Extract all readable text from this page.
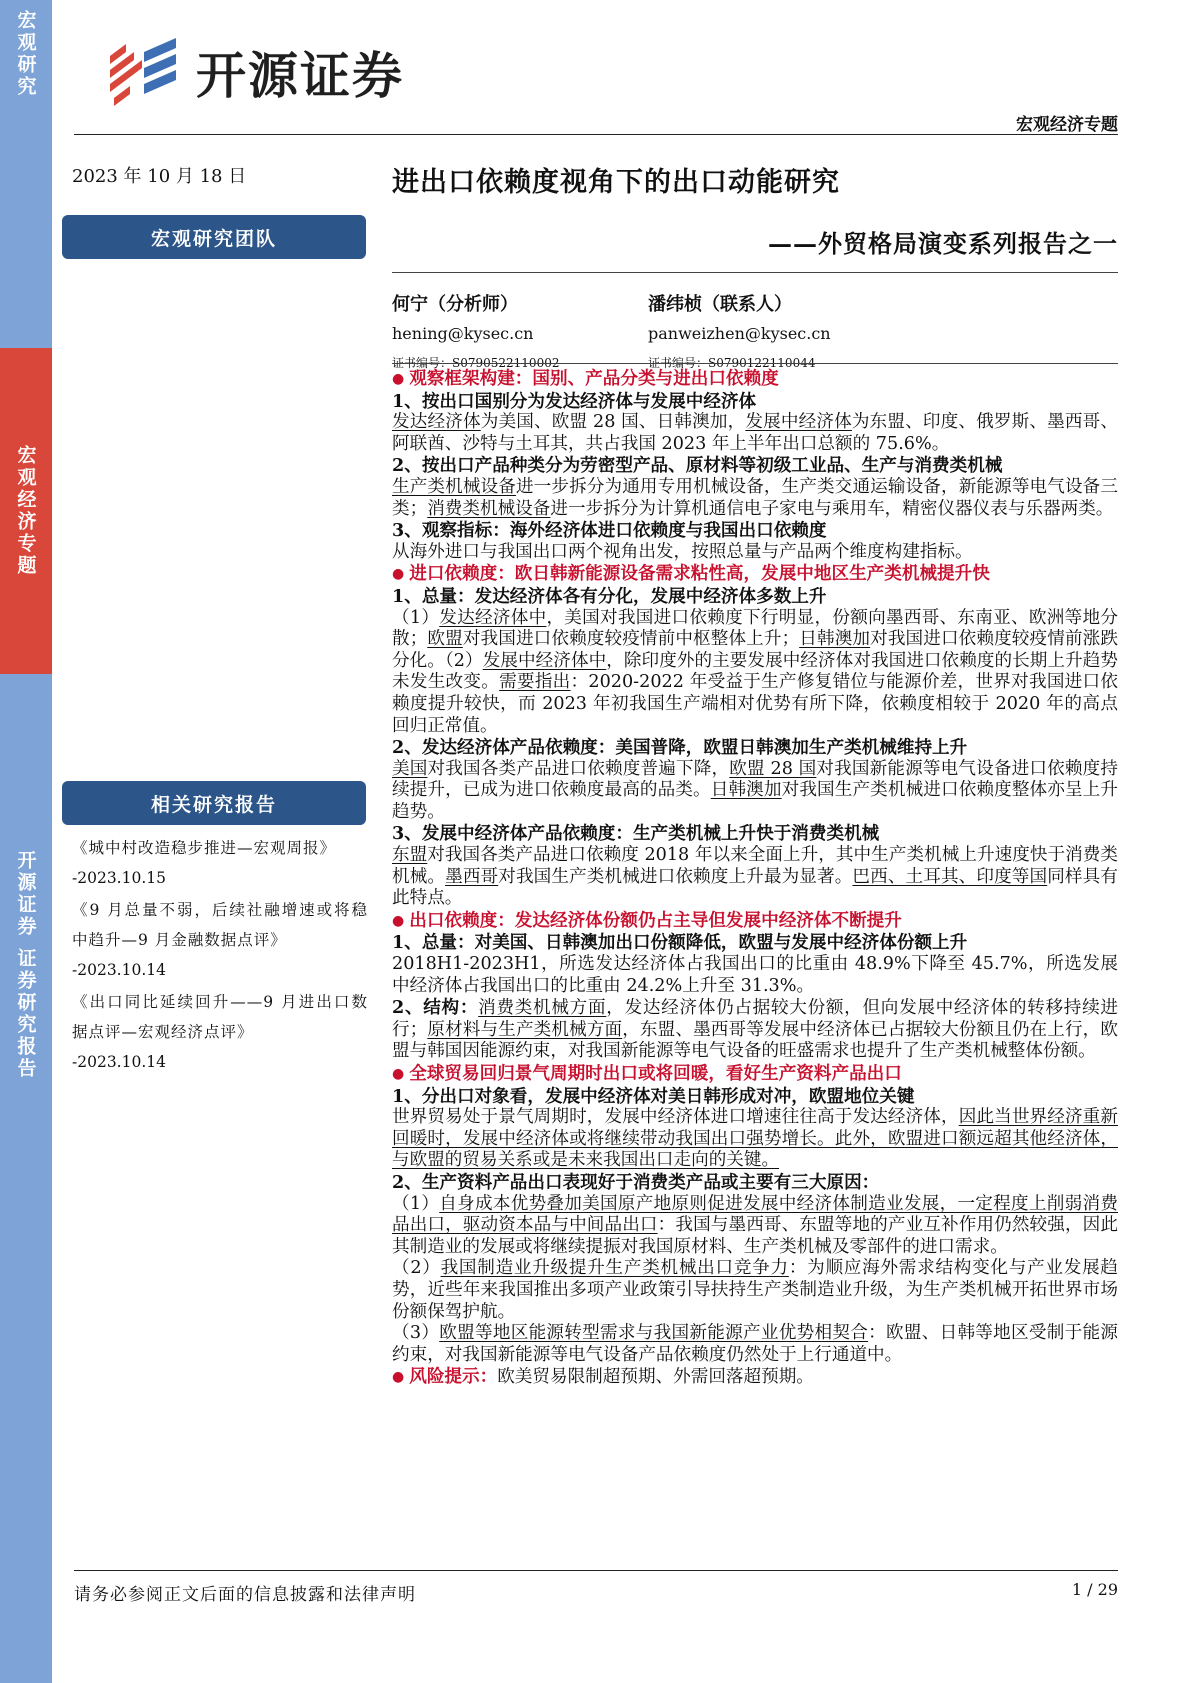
宏观研究
宏观经济专题
开源证券 证券研究报告
开源证券
宏观经济专题
2023 年 10 月 18 日
宏观研究团队
相关研究报告
《城中村改造稳步推进—宏观周报》
-2023.10.15
《9 月总量不弱，后续社融增速或将稳中趋升—9 月金融数据点评》
-2023.10.14
《出口同比延续回升——9 月进出口数据点评—宏观经济点评》
-2023.10.14
进出口依赖度视角下的出口动能研究
——外贸格局演变系列报告之一
何宁（分析师）
hening@kysec.cn
证书编号：S0790522110002
潘纬桢（联系人）
panweizhen@kysec.cn
证书编号：S0790122110044

● 观察框架构建：国别、产品分类与进出口依赖度

1、按出口国别分为发达经济体与发展中经济体

发达经济体为美国、欧盟 28 国、日韩澳加，发展中经济体为东盟、印度、俄罗斯、墨西哥、阿联酋、沙特与土耳其，共占我国 2023 年上半年出口总额的 75.6%。

2、按出口产品种类分为劳密型产品、原材料等初级工业品、生产与消费类机械

生产类机械设备进一步拆分为通用专用机械设备，生产类交通运输设备，新能源等电气设备三类；消费类机械设备进一步拆分为计算机通信电子家电与乘用车，精密仪器仪表与乐器两类。

3、观察指标：海外经济体进口依赖度与我国出口依赖度

从海外进口与我国出口两个视角出发，按照总量与产品两个维度构建指标。

● 进口依赖度：欧日韩新能源设备需求粘性高，发展中地区生产类机械提升快

1、总量：发达经济体各有分化，发展中经济体多数上升

（1）发达经济体中，美国对我国进口依赖度下行明显，份额向墨西哥、东南亚、欧洲等地分散；欧盟对我国进口依赖度较疫情前中枢整体上升；日韩澳加对我国进口依赖度较疫情前涨跌分化。（2）发展中经济体中，除印度外的主要发展中经济体对我国进口依赖度的长期上升趋势未发生改变。需要指出：2020-2022 年受益于生产修复错位与能源价差，世界对我国进口依赖度提升较快，而 2023 年初我国生产端相对优势有所下降，依赖度相较于 2020 年的高点回归正常值。

2、发达经济体产品依赖度：美国普降，欧盟日韩澳加生产类机械维持上升

美国对我国各类产品进口依赖度普遍下降，欧盟 28 国对我国新能源等电气设备进口依赖度持续提升，已成为进口依赖度最高的品类。日韩澳加对我国生产类机械进口依赖度整体亦呈上升趋势。

3、发展中经济体产品依赖度：生产类机械上升快于消费类机械

东盟对我国各类产品进口依赖度 2018 年以来全面上升，其中生产类机械上升速度快于消费类机械。墨西哥对我国生产类机械进口依赖度上升最为显著。巴西、土耳其、印度等国同样具有此特点。

● 出口依赖度：发达经济体份额仍占主导但发展中经济体不断提升

1、总量：对美国、日韩澳加出口份额降低，欧盟与发展中经济体份额上升

2018H1-2023H1，所选发达经济体占我国出口的比重由 48.9%下降至 45.7%，所选发展中经济体占我国出口的比重由 24.2%上升至 31.3%。

2、结构：消费类机械方面，发达经济体仍占据较大份额，但向发展中经济体的转移持续进行；原材料与生产类机械方面，东盟、墨西哥等发展中经济体已占据较大份额且仍在上行，欧盟与韩国因能源约束，对我国新能源等电气设备的旺盛需求也提升了生产类机械整体份额。

● 全球贸易回归景气周期时出口或将回暖，看好生产资料产品出口

1、分出口对象看，发展中经济体对美日韩形成对冲，欧盟地位关键

世界贸易处于景气周期时，发展中经济体进口增速往往高于发达经济体，因此当世界经济重新回暖时，发展中经济体或将继续带动我国出口强势增长。此外，欧盟进口额远超其他经济体，与欧盟的贸易关系或是未来我国出口走向的关键。

2、生产资料产品出口表现好于消费类产品或主要有三大原因：

（1）自身成本优势叠加美国原产地原则促进发展中经济体制造业发展，一定程度上削弱消费品出口，驱动资本品与中间品出口：我国与墨西哥、东盟等地的产业互补作用仍然较强，因此其制造业的发展或将继续提振对我国原材料、生产类机械及零部件的进口需求。

（2）我国制造业升级提升生产类机械出口竞争力：为顺应海外需求结构变化与产业发展趋势，近些年来我国推出多项产业政策引导扶持生产类制造业升级，为生产类机械开拓世界市场份额保驾护航。

（3）欧盟等地区能源转型需求与我国新能源产业优势相契合：欧盟、日韩等地区受制于能源约束，对我国新能源等电气设备产品依赖度仍然处于上行通道中。

● 风险提示：欧美贸易限制超预期、外需回落超预期。

请务必参阅正文后面的信息披露和法律声明	1 / 29
